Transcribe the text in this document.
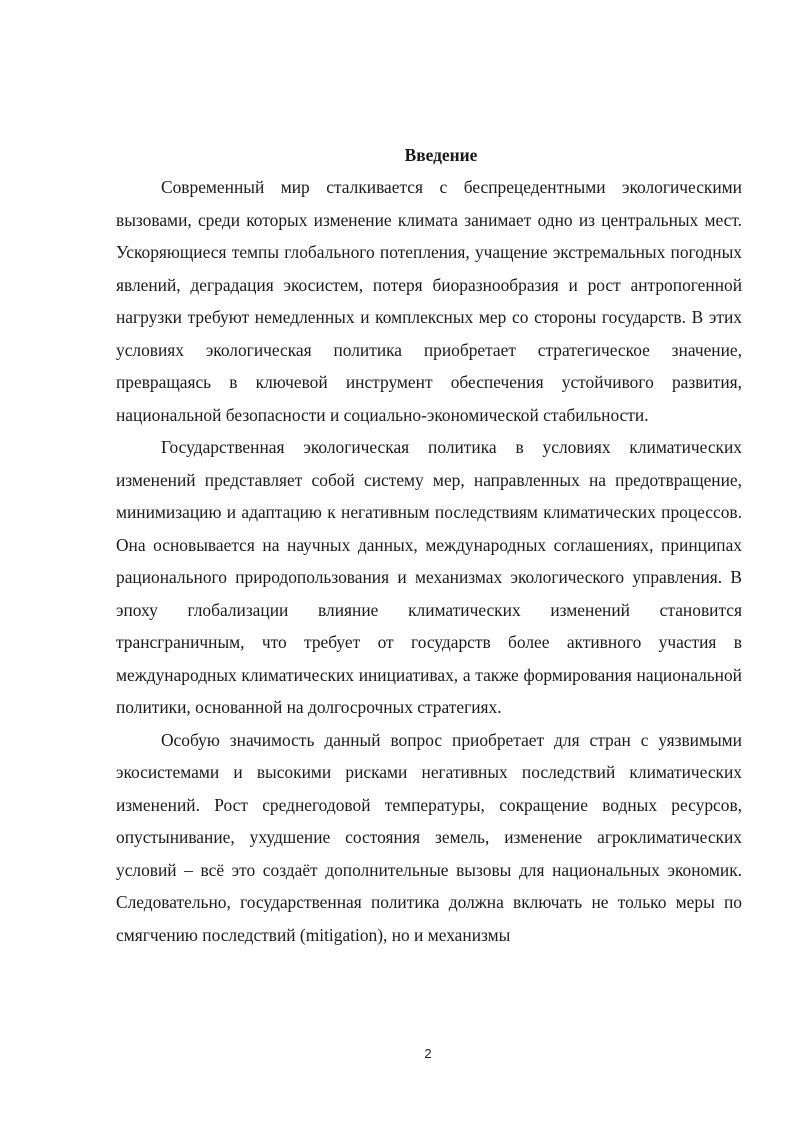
Введение

Современный мир сталкивается с беспрецедентными экологическими вызовами, среди которых изменение климата занимает одно из центральных мест. Ускоряющиеся темпы глобального потепления, учащение экстремальных погодных явлений, деградация экосистем, потеря биоразнообразия и рост антропогенной нагрузки требуют немедленных и комплексных мер со стороны государств. В этих условиях экологическая политика приобретает стратегическое значение, превращаясь в ключевой инструмент обеспечения устойчивого развития, национальной безопасности и социально-экономической стабильности.

Государственная экологическая политика в условиях климатических изменений представляет собой систему мер, направленных на предотвращение, минимизацию и адаптацию к негативным последствиям климатических процессов. Она основывается на научных данных, международных соглашениях, принципах рационального природопользования и механизмах экологического управления. В эпоху глобализации влияние климатических изменений становится трансграничным, что требует от государств более активного участия в международных климатических инициативах, а также формирования национальной политики, основанной на долгосрочных стратегиях.

Особую значимость данный вопрос приобретает для стран с уязвимыми экосистемами и высокими рисками негативных последствий климатических изменений. Рост среднегодовой температуры, сокращение водных ресурсов, опустынивание, ухудшение состояния земель, изменение агроклиматических условий – всё это создаёт дополнительные вызовы для национальных экономик. Следовательно, государственная политика должна включать не только меры по смягчению последствий (mitigation), но и механизмы

2
